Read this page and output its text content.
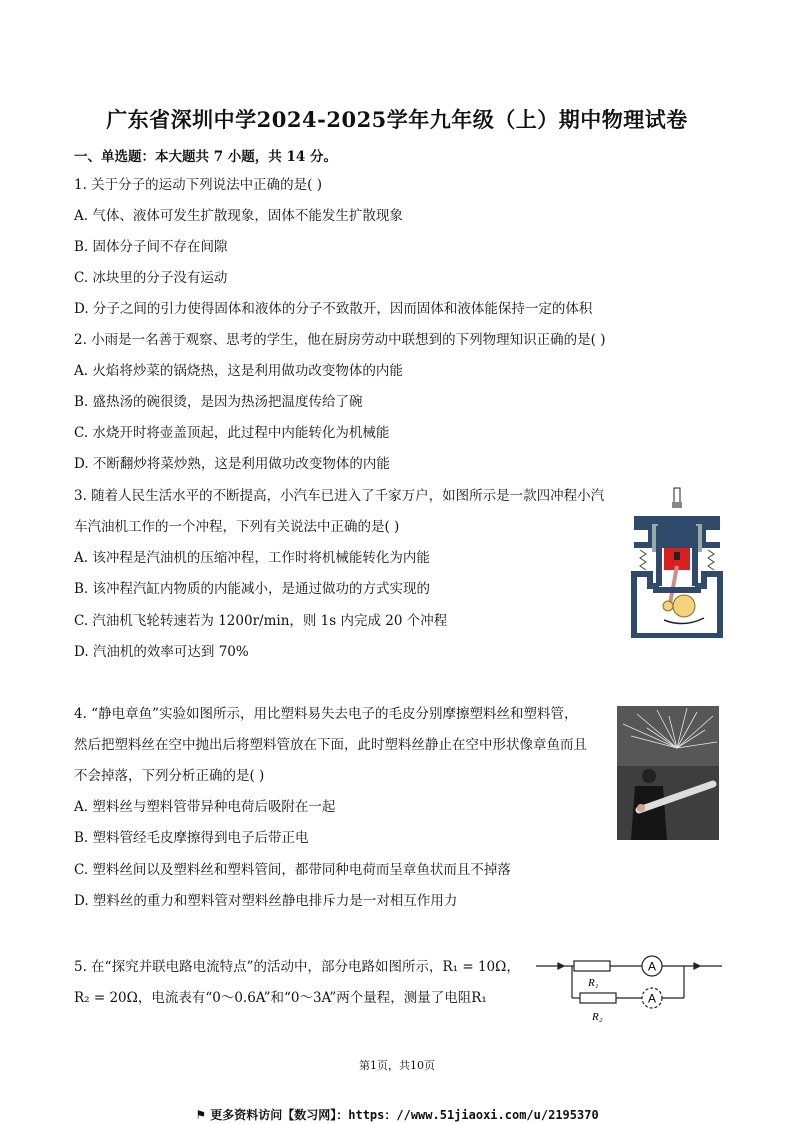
广东省深圳中学2024-2025学年九年级（上）期中物理试卷
一、单选题：本大题共 7 小题，共 14 分。
1. 关于分子的运动下列说法中正确的是( )
A. 气体、液体可发生扩散现象，固体不能发生扩散现象
B. 固体分子间不存在间隙
C. 冰块里的分子没有运动
D. 分子之间的引力使得固体和液体的分子不致散开，因而固体和液体能保持一定的体积
2. 小雨是一名善于观察、思考的学生，他在厨房劳动中联想到的下列物理知识正确的是( )
A. 火焰将炒菜的锅烧热，这是利用做功改变物体的内能
B. 盛热汤的碗很烫，是因为热汤把温度传给了碗
C. 水烧开时将壶盖顶起，此过程中内能转化为机械能
D. 不断翻炒将菜炒熟，这是利用做功改变物体的内能
3. 随着人民生活水平的不断提高，小汽车已进入了千家万户，如图所示是一款四冲程小汽
车汽油机工作的一个冲程，下列有关说法中正确的是( )
A. 该冲程是汽油机的压缩冲程，工作时将机械能转化为内能
B. 该冲程汽缸内物质的内能减小，是通过做功的方式实现的
C. 汽油机飞轮转速若为 1200r/min，则 1s 内完成 20 个冲程
D. 汽油机的效率可达到 70%
4. “静电章鱼”实验如图所示，用比塑料易失去电子的毛皮分别摩擦塑料丝和塑料管，
然后把塑料丝在空中抛出后将塑料管放在下面，此时塑料丝静止在空中形状像章鱼而且
不会掉落，下列分析正确的是( )
A. 塑料丝与塑料管带异种电荷后吸附在一起
B. 塑料管经毛皮摩擦得到电子后带正电
C. 塑料丝间以及塑料丝和塑料管间，都带同种电荷而呈章鱼状而且不掉落
D. 塑料丝的重力和塑料管对塑料丝静电排斥力是一对相互作用力
5. 在“探究并联电路电流特点”的活动中，部分电路如图所示，R₁ = 10Ω，
R₂ = 20Ω，电流表有“0～0.6A”和“0～3A”两个量程，测量了电阻R₁
A
A
R₁
R₂
第1页，共10页
⚑ 更多资料访问【数习网】：https：//www.51jiaoxi.com/u/2195370
